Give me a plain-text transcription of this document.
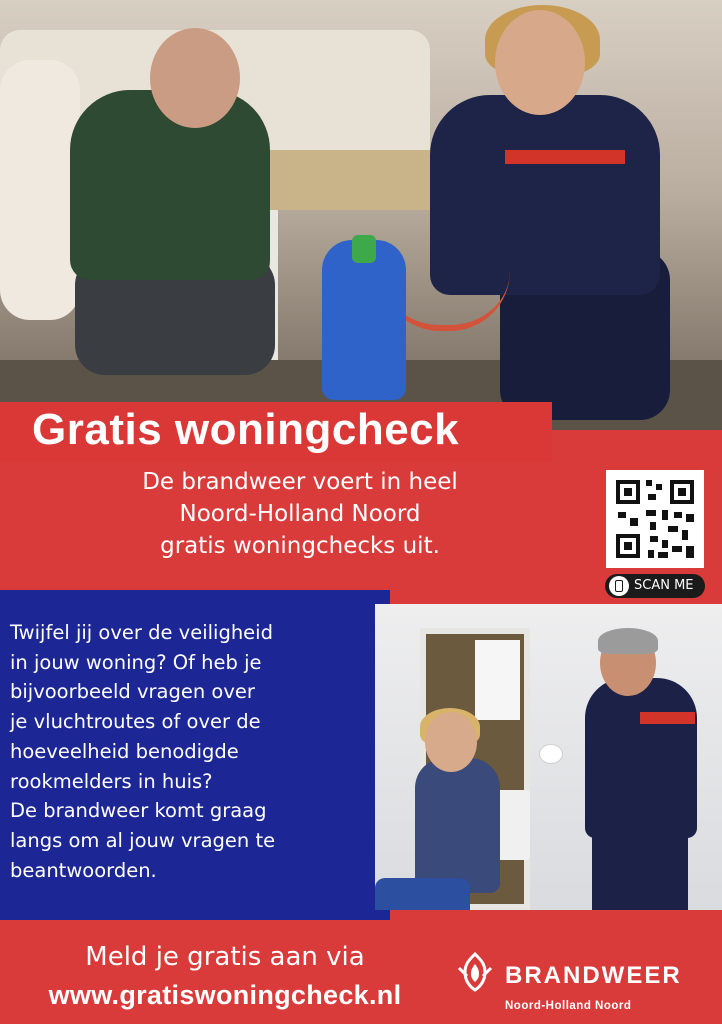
Gratis woningcheck
De brandweer voert in heel
Noord-Holland Noord
gratis woningchecks uit.
SCAN ME
Twijfel jij over de veiligheid
in jouw woning? Of heb je
bijvoorbeeld vragen over
je vluchtroutes of over de
hoeveelheid benodigde
rookmelders in huis?
De brandweer komt graag
langs om al jouw vragen te
beantwoorden.
Meld je gratis aan via
www.gratiswoningcheck.nl
BRANDWEER
Noord-Holland Noord
